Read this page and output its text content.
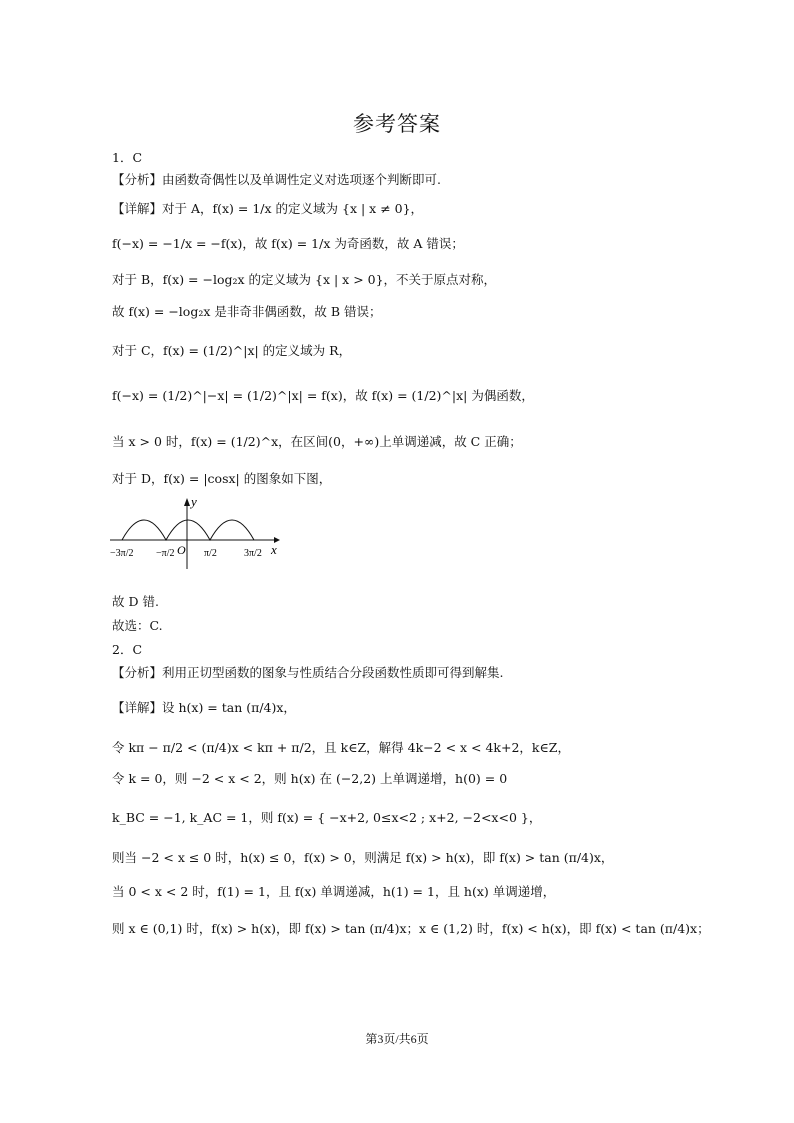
参考答案
1．C
【分析】由函数奇偶性以及单调性定义对选项逐个判断即可.
【详解】对于 A，f(x) = 1/x 的定义域为 {x | x ≠ 0}，
f(−x) = −1/x = −f(x)，故 f(x) = 1/x 为奇函数，故 A 错误；
对于 B，f(x) = −log₂x 的定义域为 {x | x > 0}，不关于原点对称，
故 f(x) = −log₂x 是非奇非偶函数，故 B 错误；
对于 C，f(x) = (1/2)^|x| 的定义域为 R，
f(−x) = (1/2)^|−x| = (1/2)^|x| = f(x)，故 f(x) = (1/2)^|x| 为偶函数，
当 x > 0 时，f(x) = (1/2)^x，在区间(0，+∞)上单调递减，故 C 正确；
对于 D，f(x) = |cosx| 的图象如下图，
y
x
O
−3π/2 −π/2	π/2	3π/2
故 D 错.
故选：C.
2．C
【分析】利用正切型函数的图象与性质结合分段函数性质即可得到解集.
【详解】设 h(x) = tan (π/4)x，
令 kπ − π/2 < (π/4)x < kπ + π/2，且 k∈Z，解得 4k−2 < x < 4k+2，k∈Z，
令 k = 0，则 −2 < x < 2，则 h(x) 在 (−2,2) 上单调递增，h(0) = 0
k_BC = −1, k_AC = 1，则 f(x) = { −x+2, 0≤x<2 ; x+2, −2<x<0 }，
则当 −2 < x ≤ 0 时，h(x) ≤ 0，f(x) > 0，则满足 f(x) > h(x)，即 f(x) > tan (π/4)x，
当 0 < x < 2 时，f(1) = 1，且 f(x) 单调递减，h(1) = 1，且 h(x) 单调递增，
则 x ∈ (0,1) 时，f(x) > h(x)，即 f(x) > tan (π/4)x；x ∈ (1,2) 时，f(x) < h(x)，即 f(x) < tan (π/4)x；
第3页/共6页
